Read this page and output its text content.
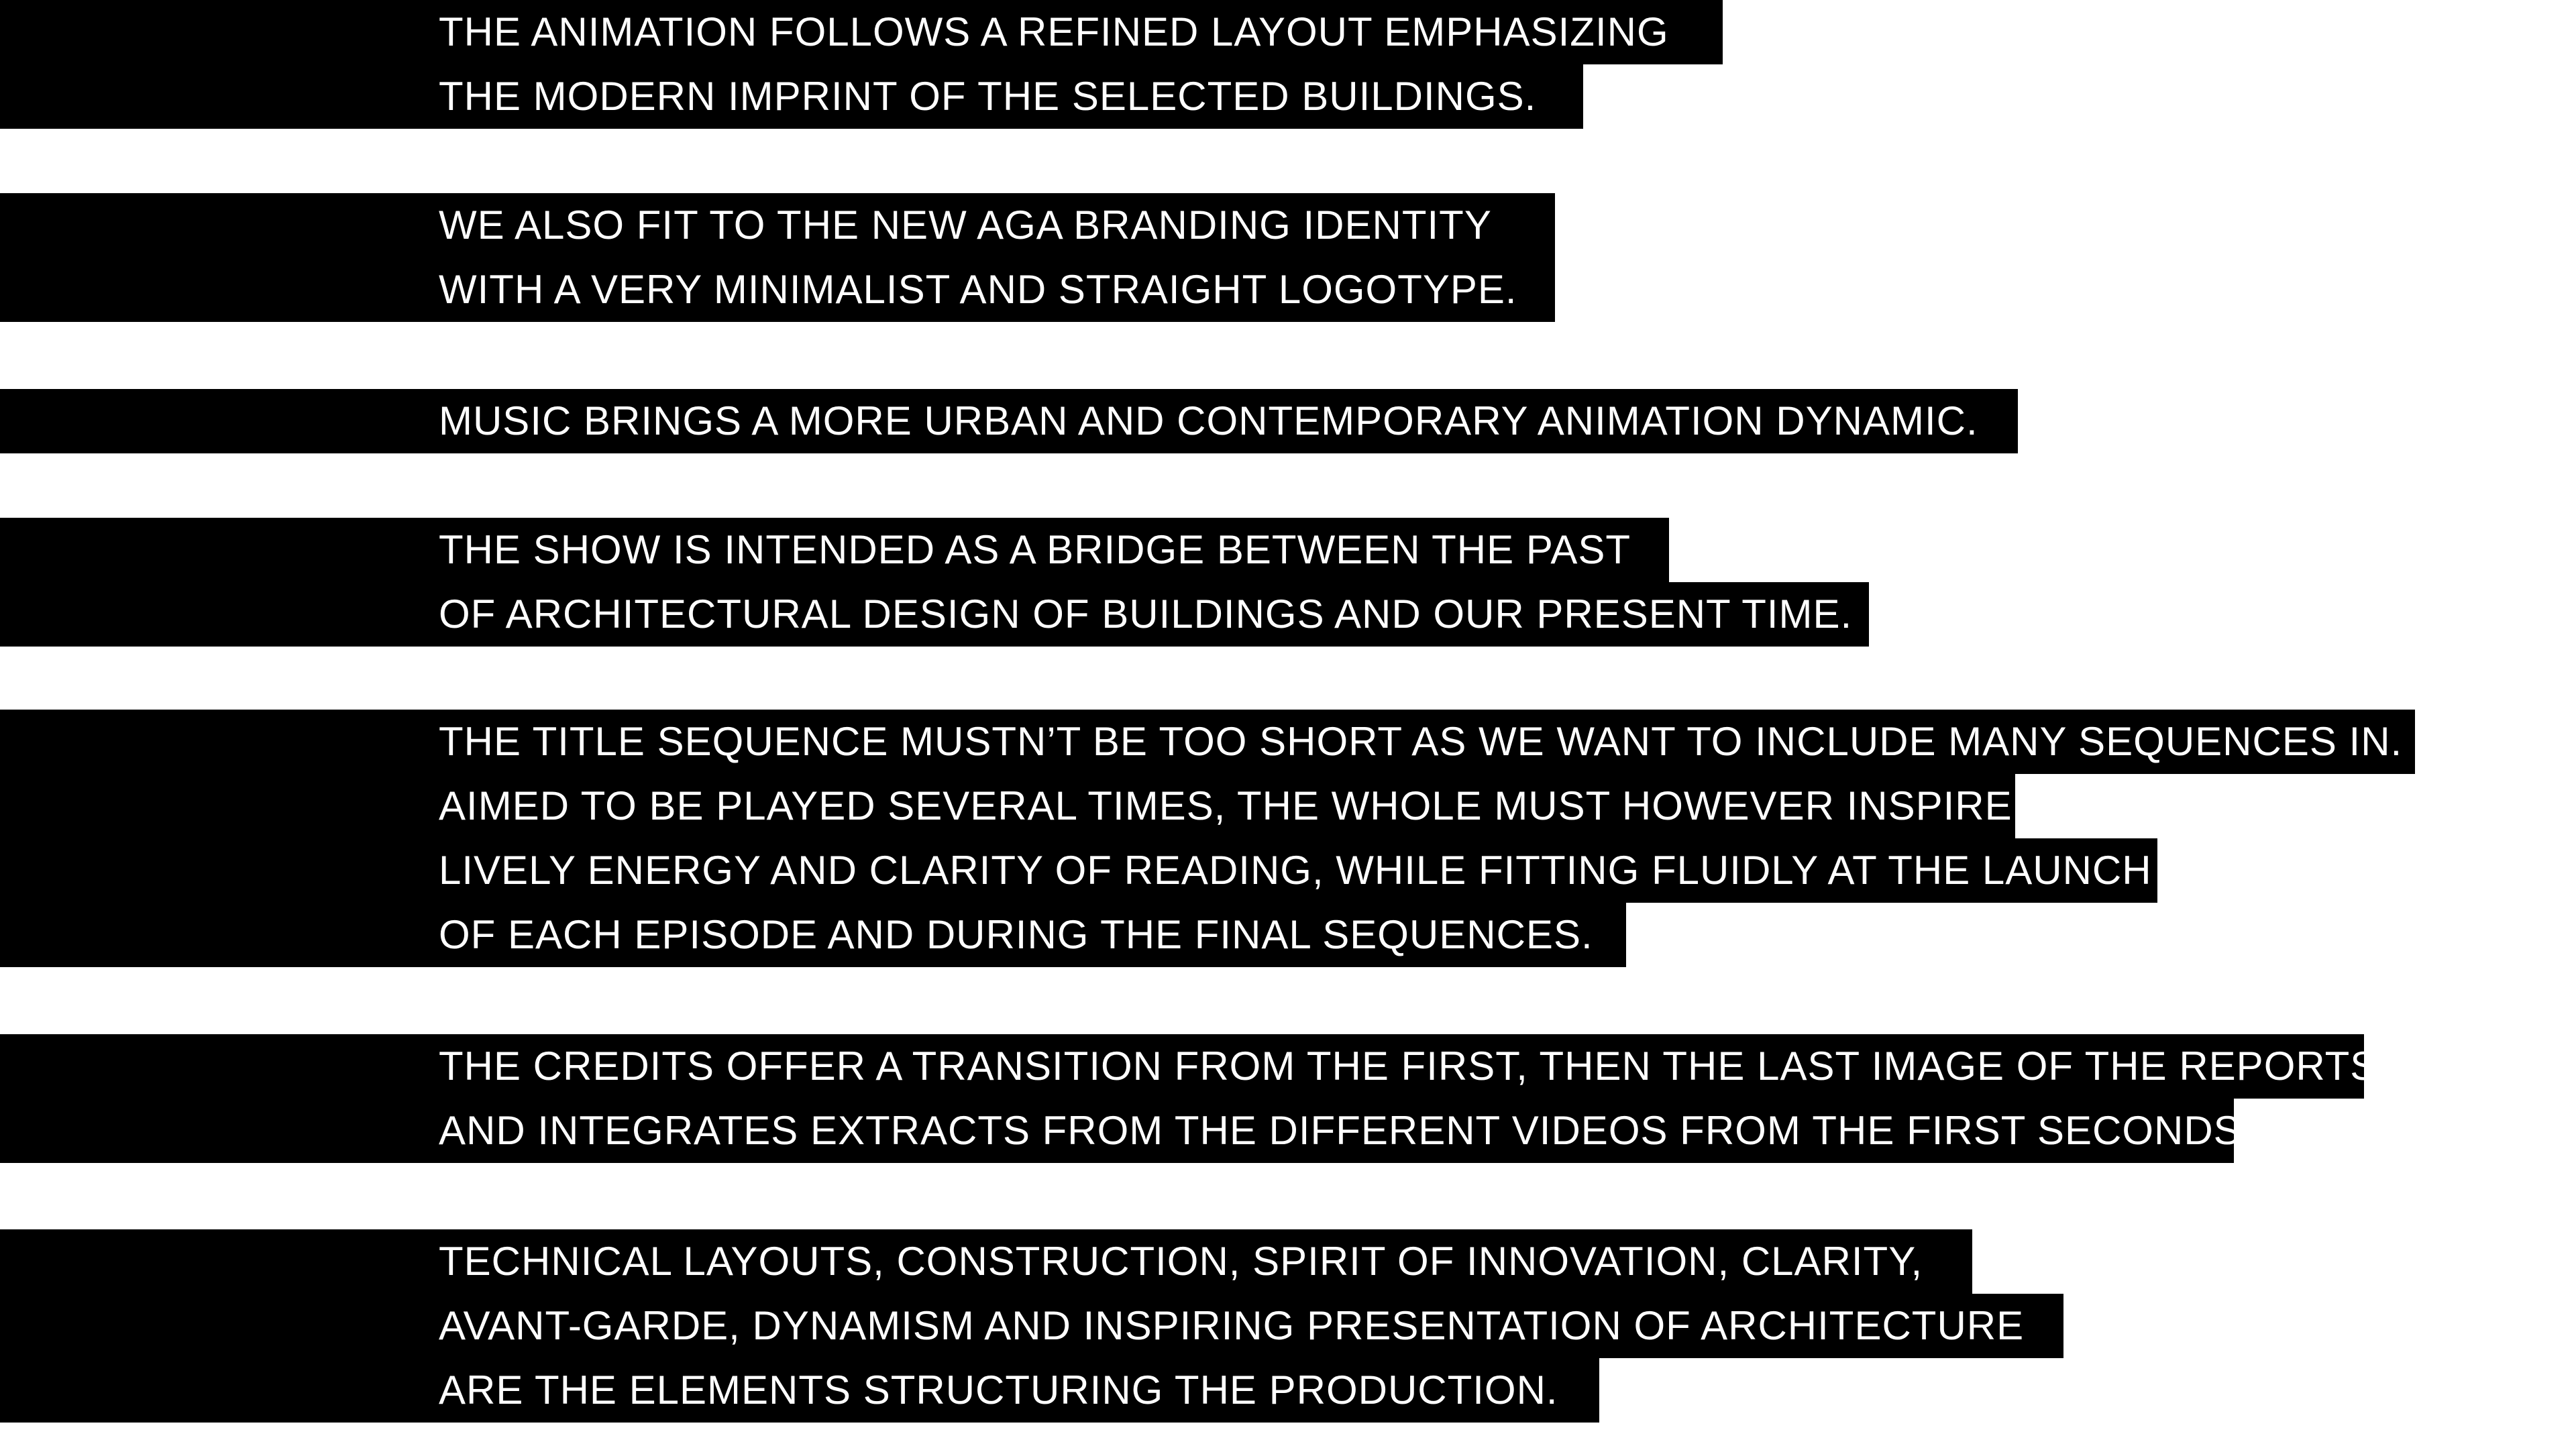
THE ANIMATION FOLLOWS A REFINED LAYOUT EMPHASIZING
THE MODERN IMPRINT OF THE SELECTED BUILDINGS.
WE ALSO FIT TO THE NEW AGA BRANDING IDENTITY
WITH A VERY MINIMALIST AND STRAIGHT LOGOTYPE.
MUSIC BRINGS A MORE URBAN AND CONTEMPORARY ANIMATION DYNAMIC.
THE SHOW IS INTENDED AS A BRIDGE BETWEEN THE PAST
OF ARCHITECTURAL DESIGN OF BUILDINGS AND OUR PRESENT TIME.
THE TITLE SEQUENCE MUSTN’T BE TOO SHORT AS WE WANT TO INCLUDE MANY SEQUENCES IN.
AIMED TO BE PLAYED SEVERAL TIMES, THE WHOLE MUST HOWEVER INSPIRE
LIVELY ENERGY AND CLARITY OF READING, WHILE FITTING FLUIDLY AT THE LAUNCH
OF EACH EPISODE AND DURING THE FINAL SEQUENCES.
THE CREDITS OFFER A TRANSITION FROM THE FIRST, THEN THE LAST IMAGE OF THE REPORTS
AND INTEGRATES EXTRACTS FROM THE DIFFERENT VIDEOS FROM THE FIRST SECONDS.
TECHNICAL LAYOUTS, CONSTRUCTION, SPIRIT OF INNOVATION, CLARITY,
AVANT-GARDE, DYNAMISM AND INSPIRING PRESENTATION OF ARCHITECTURE
ARE THE ELEMENTS STRUCTURING THE PRODUCTION.
